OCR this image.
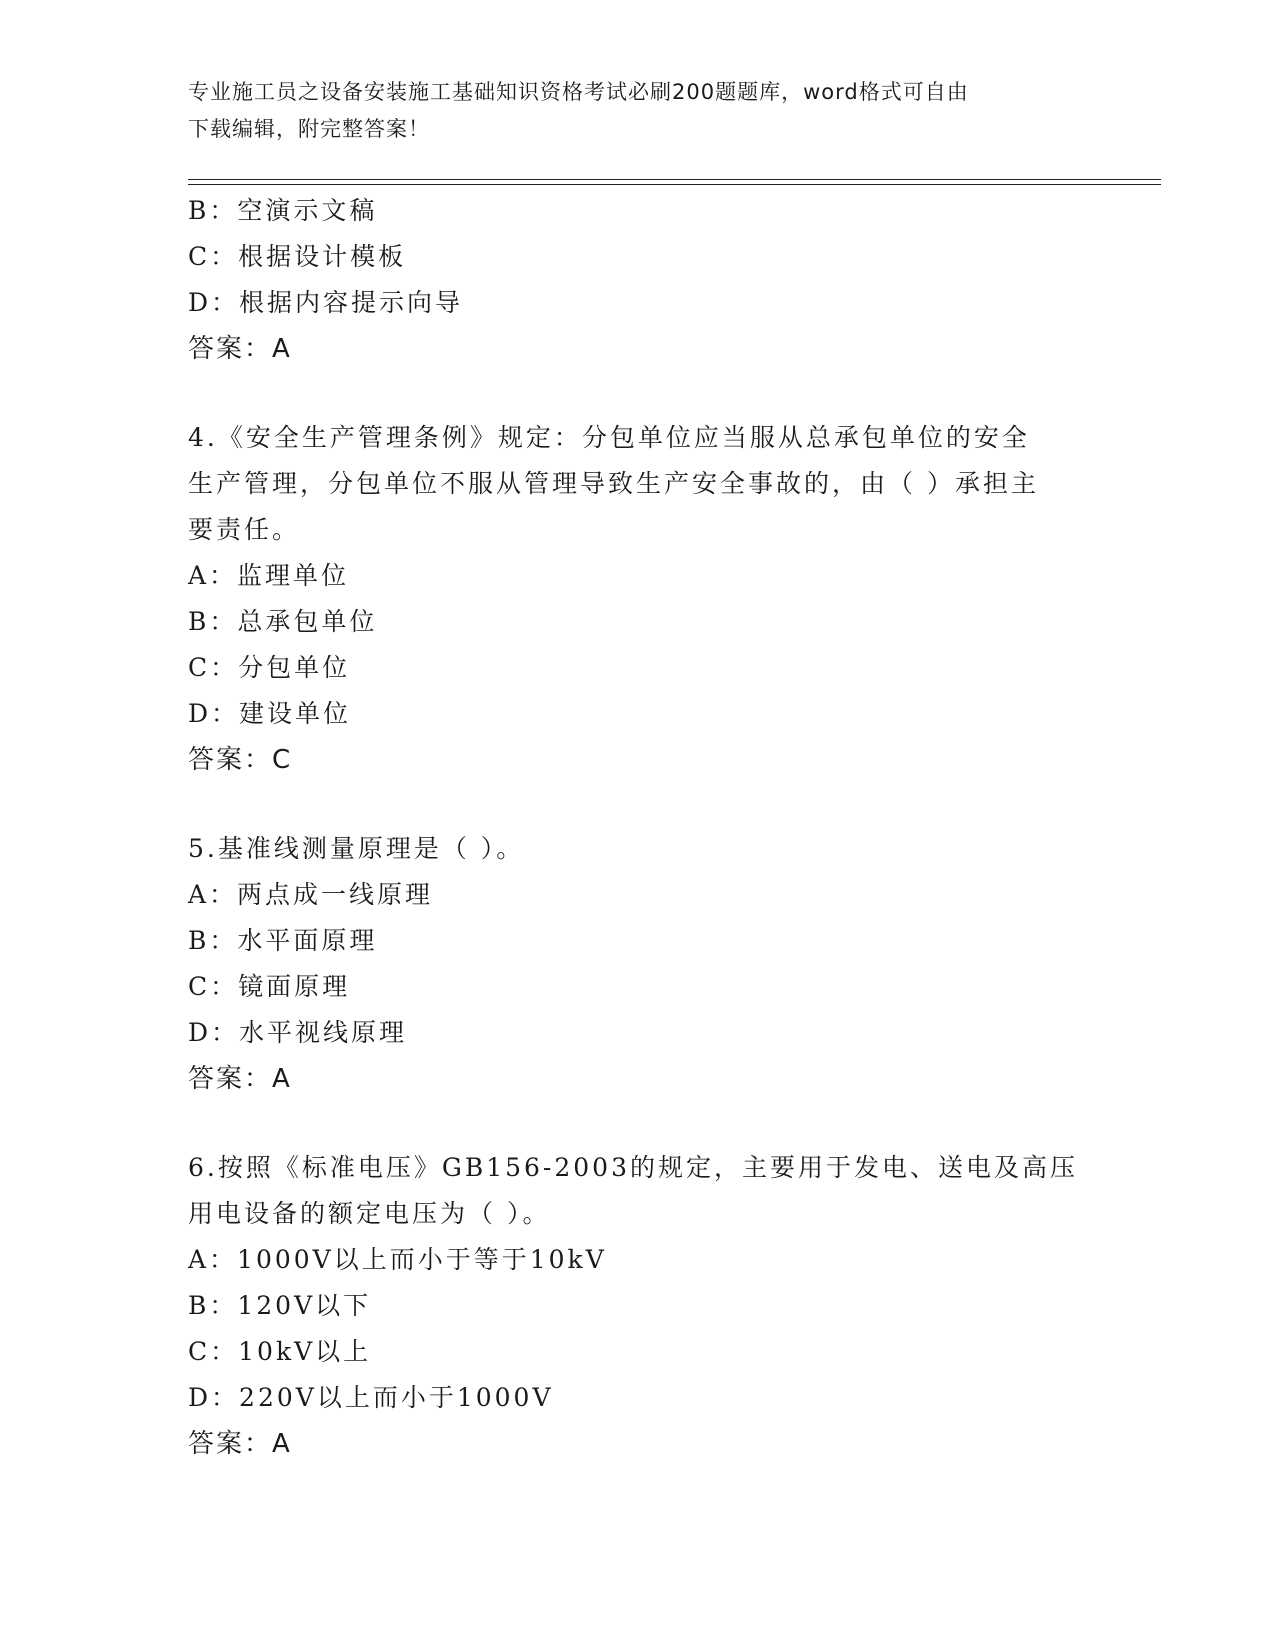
专业施工员之设备安装施工基础知识资格考试必刷200题题库，word格式可自由
下载编辑，附完整答案！
B：空演示文稿
C：根据设计模板
D：根据内容提示向导
答案：A
4.《安全生产管理条例》规定：分包单位应当服从总承包单位的安全
生产管理，分包单位不服从管理导致生产安全事故的，由（ ）承担主
要责任。
A：监理单位
B：总承包单位
C：分包单位
D：建设单位
答案：C
5.基准线测量原理是（ ）。
A：两点成一线原理
B：水平面原理
C：镜面原理
D：水平视线原理
答案：A
6.按照《标准电压》GB156-2003的规定，主要用于发电、送电及高压
用电设备的额定电压为（ ）。
A：1000V以上而小于等于10kV
B：120V以下
C：10kV以上
D：220V以上而小于1000V
答案：A
